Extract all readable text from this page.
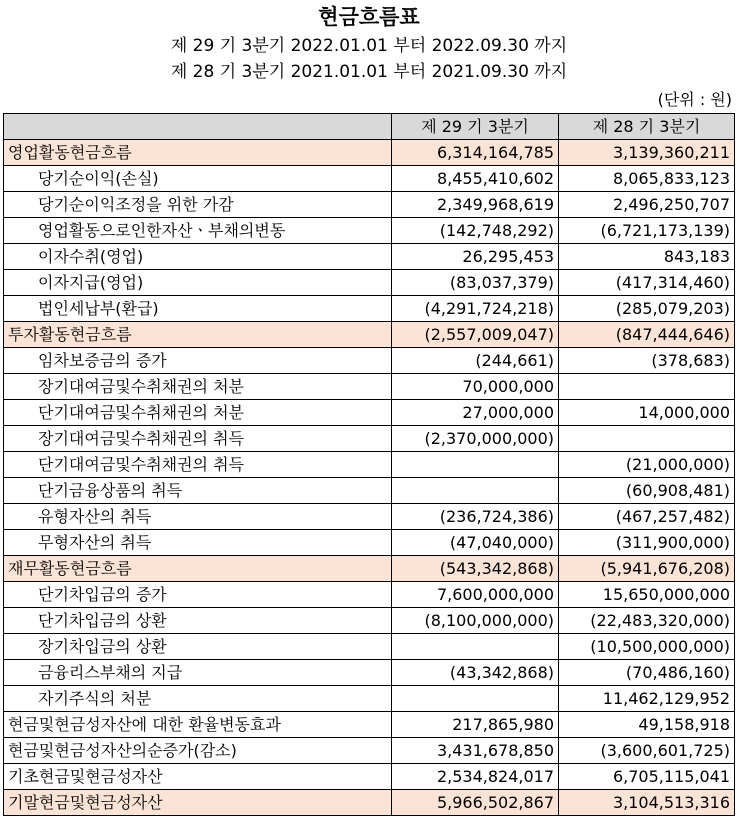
현금흐름표
제 29 기 3분기 2022.01.01 부터 2022.09.30 까지
제 28 기 3분기 2021.01.01 부터 2021.09.30 까지
(단위 : 원)
	제 29 기 3분기	제 28 기 3분기
영업활동현금흐름	6,314,164,785	3,139,360,211
당기순이익(손실)	8,455,410,602	8,065,833,123
당기순이익조정을 위한 가감	2,349,968,619	2,496,250,707
영업활동으로인한자산ㆍ부채의변동	(142,748,292)	(6,721,173,139)
이자수취(영업)	26,295,453	843,183
이자지급(영업)	(83,037,379)	(417,314,460)
법인세납부(환급)	(4,291,724,218)	(285,079,203)
투자활동현금흐름	(2,557,009,047)	(847,444,646)
임차보증금의 증가	(244,661)	(378,683)
장기대여금및수취채권의 처분	70,000,000	
단기대여금및수취채권의 처분	27,000,000	14,000,000
장기대여금및수취채권의 취득	(2,370,000,000)	
단기대여금및수취채권의 취득		(21,000,000)
단기금융상품의 취득		(60,908,481)
유형자산의 취득	(236,724,386)	(467,257,482)
무형자산의 취득	(47,040,000)	(311,900,000)
재무활동현금흐름	(543,342,868)	(5,941,676,208)
단기차입금의 증가	7,600,000,000	15,650,000,000
단기차입금의 상환	(8,100,000,000)	(22,483,320,000)
장기차입금의 상환		(10,500,000,000)
금융리스부채의 지급	(43,342,868)	(70,486,160)
자기주식의 처분		11,462,129,952
현금및현금성자산에 대한 환율변동효과	217,865,980	49,158,918
현금및현금성자산의순증가(감소)	3,431,678,850	(3,600,601,725)
기초현금및현금성자산	2,534,824,017	6,705,115,041
기말현금및현금성자산	5,966,502,867	3,104,513,316
